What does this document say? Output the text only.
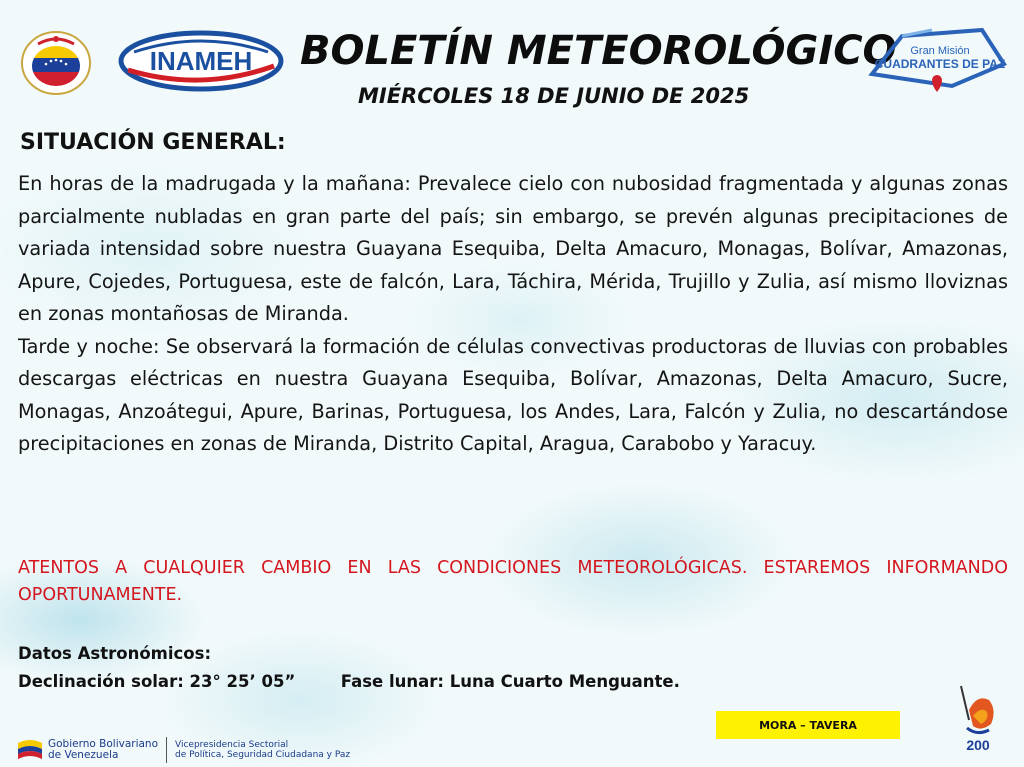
INAMEH BOLETÍN METEOROLÓGICO
MIÉRCOLES 18 DE JUNIO DE 2025
Gran Misión
CUADRANTES DE PAZ
SITUACIÓN GENERAL:

En horas de la madrugada y la mañana: Prevalece cielo con nubosidad fragmentada y algunas zonas parcialmente nubladas en gran parte del país; sin embargo, se prevén algunas precipitaciones de variada intensidad sobre nuestra Guayana Esequiba, Delta Amacuro, Monagas, Bolívar, Amazonas, Apure, Cojedes, Portuguesa, este de falcón, Lara, Táchira, Mérida, Trujillo y Zulia, así mismo lloviznas en zonas montañosas de Miranda.

Tarde y noche: Se observará la formación de células convectivas productoras de lluvias con probables descargas eléctricas en nuestra Guayana Esequiba, Bolívar, Amazonas, Delta Amacuro, Sucre, Monagas, Anzoátegui, Apure, Barinas, Portuguesa, los Andes, Lara, Falcón y Zulia, no descartándose precipitaciones en zonas de Miranda, Distrito Capital, Aragua, Carabobo y Yaracuy.

ATENTOS A CUALQUIER CAMBIO EN LAS CONDICIONES METEOROLÓGICAS. ESTAREMOS INFORMANDO OPORTUNAMENTE.
Datos Astronómicos:
Declinación solar: 23° 25’ 05”	Fase lunar: Luna Cuarto Menguante.
MORA – TAVERA
Gobierno Bolivariano
de Venezuela
Vicepresidencia Sectorial
de Política, Seguridad Ciudadana y Paz
200
